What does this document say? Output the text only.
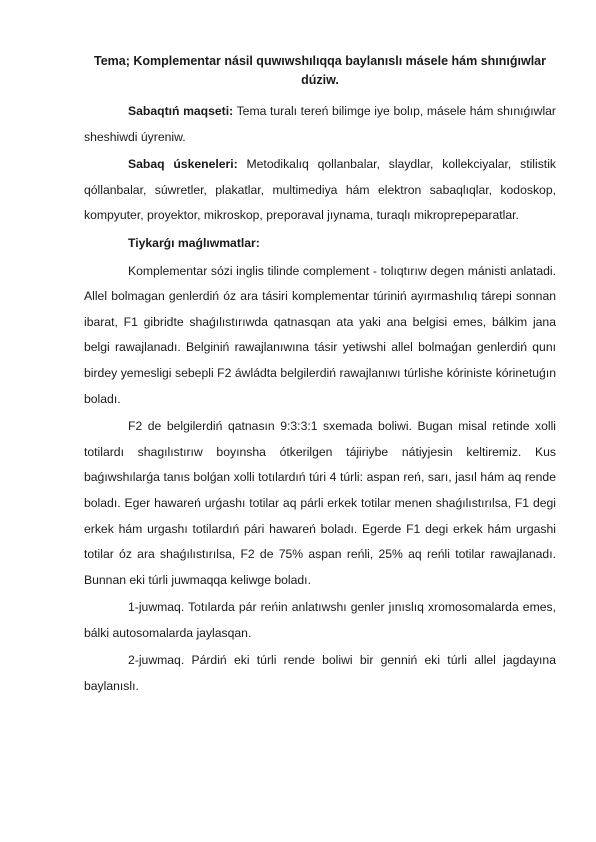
Tema; Komplementar násil quwıwshılıqqa baylanıslı másele hám shınıǵıwlar dúziw.

Sabaqtıń maqseti: Tema turalı tereń bilimge iye bolıp, másele hám shınıǵıwlar sheshiwdi úyreniw.

Sabaq úskeneleri: Metodikalıq qollanbalar, slaydlar, kollekciyalar, stilistik qóllanbalar, súwretler, plakatlar, multimediya hám elektron sabaqlıqlar, kodoskop, kompyuter, proyektor, mikroskop, preporaval jıynama, turaqlı mikroprepeparatlar.

Tiykarǵı maǵlıwmatlar:

Komplementar sózi inglis tilinde complement - tolıqtırıw degen mánisti anlatadi. Allel bolmagan genlerdiń óz ara tásiri komplementar túriniń ayırmashılıq tárepi sonnan ibarat, F1 gibridte shaǵılıstırıwda qatnasqan ata yaki ana belgisi emes, bálkim jana belgi rawajlanadı. Belginiń rawajlanıwına tásir yetiwshi allel bolmaǵan genlerdiń qunı birdey yemesligi sebepli F2 áwládta belgilerdiń rawajlanıwı túrlishe kóriniste kórinetuǵın boladı.

F2 de belgilerdiń qatnasın 9:3:3:1 sxemada boliwi. Bugan misal retinde xolli totilardı shagılıstırıw boyınsha ótkerilgen tájiriybe nátiyjesin keltiremiz. Kus baǵıwshılarǵa tanıs bolǵan xolli totılardıń túri 4 túrli: aspan reń, sarı, jasıl hám aq rende boladı. Eger hawareń urǵashı totilar aq párli erkek totilar menen shaǵılıstırılsa, F1 degi erkek hám urgashı totilardıń pári hawareń boladı. Egerde F1 degi erkek hám urgashi totilar óz ara shaǵılıstırılsa, F2 de 75% aspan reńli, 25% aq reńli totilar rawajlanadı. Bunnan eki túrli juwmaqqa keliwge boladı.

1-juwmaq. Totılarda pár reńin anlatıwshı genler jınıslıq xromosomalarda emes, bálki autosomalarda jaylasqan.

2-juwmaq. Párdiń eki túrli rende boliwi bir genniń eki túrli allel jagdayına baylanıslı.
